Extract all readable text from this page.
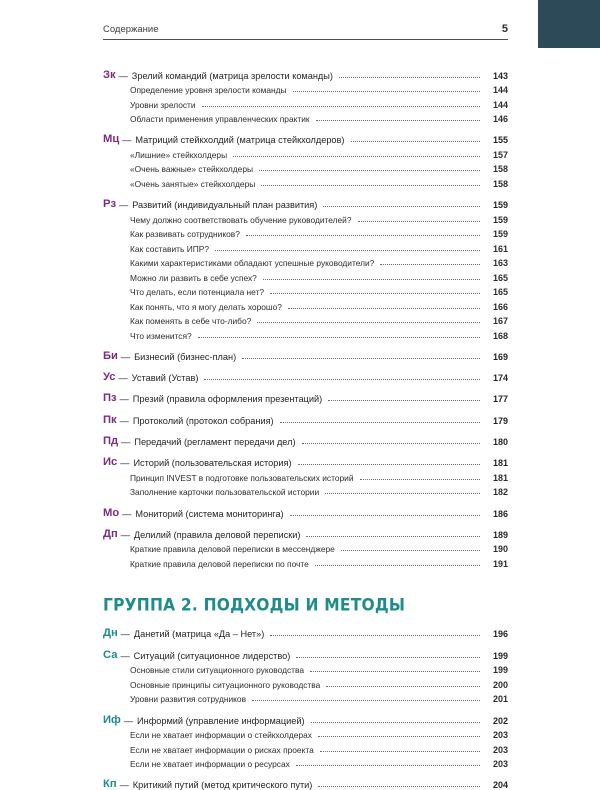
Содержание	5
Зк — Зрелий командий (матрица зрелости команды)	143
Определение уровня зрелости команды	144
Уровни зрелости	144
Области применения управленческих практик	146
Мц — Матриций стейкхолдий (матрица стейкхолдеров)	155
«Лишние» стейкхолдеры	157
«Очень важные» стейкхолдеры	158
«Очень занятые» стейкхолдеры	158
Рз — Развитий (индивидуальный план развития)	159
Чему должно соответствовать обучение руководителей?	159
Как развивать сотрудников?	159
Как составить ИПР?	161
Какими характеристиками обладают успешные руководители?	163
Можно ли развить в себе успех?	165
Что делать, если потенциала нет?	165
Как понять, что я могу делать хорошо?	166
Как поменять в себе что-либо?	167
Что изменится?	168
Би — Бизнесий (бизнес-план)	169
Ус — Уставий (Устав)	174
Пз — Презий (правила оформления презентаций)	177
Пк — Протоколий (протокол собрания)	179
Пд — Передачий (регламент передачи дел)	180
Ис — Историй (пользовательская история)	181
Принцип INVEST в подготовке пользовательских историй	181
Заполнение карточки пользовательской истории	182
Мо — Мониторий (система мониторинга)	186
Дп — Делилий (правила деловой переписки)	189
Краткие правила деловой переписки в мессенджере	190
Краткие правила деловой переписки по почте	191
ГРУППА 2. ПОДХОДЫ И МЕТОДЫ
Дн — Данетий (матрица «Да – Нет»)	196
Са — Ситуаций (ситуационное лидерство)	199
Основные стили ситуационного руководства	199
Основные принципы ситуационного руководства	200
Уровни развития сотрудников	201
Иф — Информий (управление информацией)	202
Если не хватает информации о стейкхолдерах	203
Если не хватает информации о рисках проекта	203
Если не хватает информации о ресурсах	203
Кп — Критикий путий (метод критического пути)	204
